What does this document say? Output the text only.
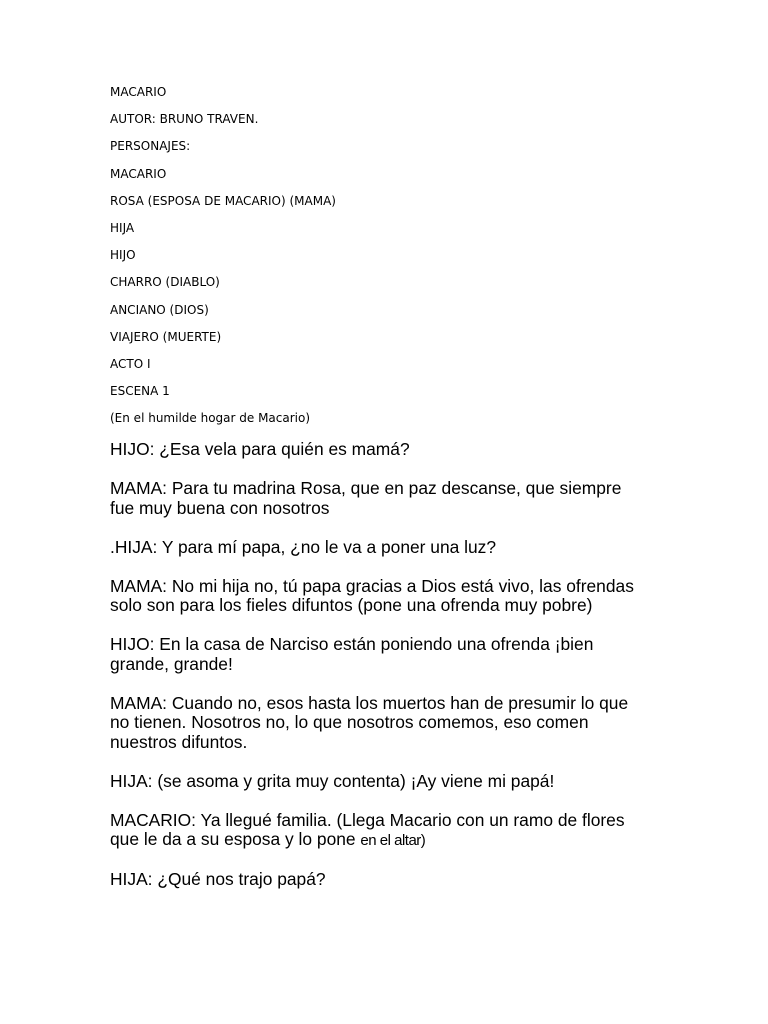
MACARIO
AUTOR: BRUNO TRAVEN.
PERSONAJES:
MACARIO
ROSA (ESPOSA DE MACARIO) (MAMA)
HIJA
HIJO
CHARRO (DIABLO)
ANCIANO (DIOS)
VIAJERO (MUERTE)
ACTO I
ESCENA 1
(En el humilde hogar de Macario)
HIJO: ¿Esa vela para quién es mamá?
MAMA: Para tu madrina Rosa, que en paz descanse, que siempre
fue muy buena con nosotros
.HIJA: Y para mí papa, ¿no le va a poner una luz?
MAMA: No mi hija no, tú papa gracias a Dios está vivo, las ofrendas
solo son para los fieles difuntos (pone una ofrenda muy pobre)
HIJO: En la casa de Narciso están poniendo una ofrenda ¡bien
grande, grande!
MAMA: Cuando no, esos hasta los muertos han de presumir lo que
no tienen. Nosotros no, lo que nosotros comemos, eso comen
nuestros difuntos.
HIJA: (se asoma y grita muy contenta) ¡Ay viene mi papá!
MACARIO: Ya llegué familia. (Llega Macario con un ramo de flores
que le da a su esposa y lo pone en el altar)
HIJA: ¿Qué nos trajo papá?
